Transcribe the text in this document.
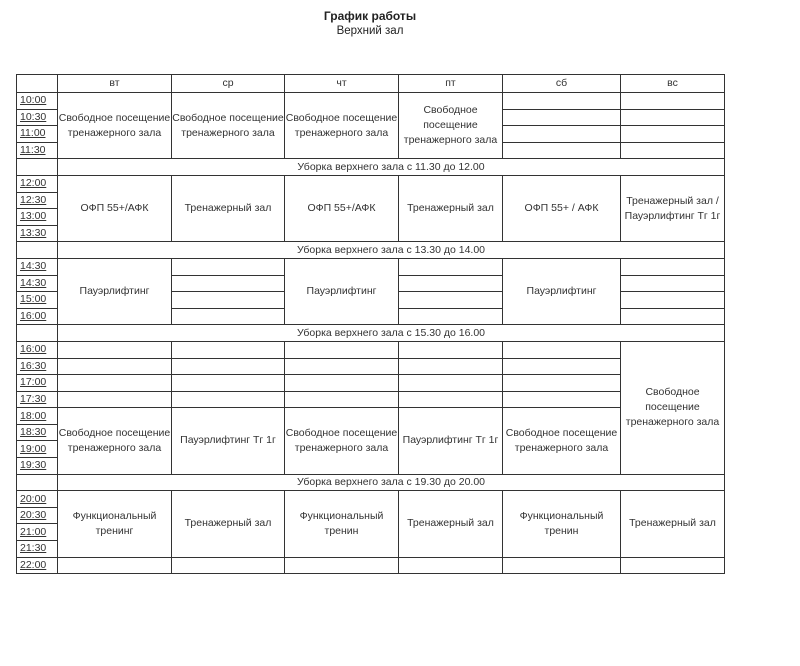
График работы
Верхний зал
	вт	ср	чт	пт	сб	вс
10:00	Свободное посещение тренажерного зала	Свободное посещение тренажерного зала	Свободное посещение тренажерного зала	Свободное посещение тренажерного зала		
10:30						
11:00						
11:30						
	Уборка верхнего зала с 11.30 до 12.00					
12:00	ОФП 55+/АФК	Тренажерный зал	ОФП 55+/АФК	Тренажерный зал	ОФП 55+ / АФК	Тренажерный зал /Пауэрлифтинг Тг 1г
12:30						
13:00						
13:30						
	Уборка верхнего зала с 13.30 до 14.00					
14:30	Пауэрлифтинг		Пауэрлифтинг		Пауэрлифтинг	
14:30						
15:00						
16:00						
	Уборка верхнего зала с 15.30 до 16.00					
16:00						Свободное посещение тренажерного зала
16:30						
17:00						
17:30						
18:00	Свободное посещение тренажерного зала	Пауэрлифтинг Тг 1г	Свободное посещение тренажерного зала	Пауэрлифтинг Тг 1г	Свободное посещение тренажерного зала	
18:30						
19:00						
19:30						
	Уборка верхнего зала с 19.30 до 20.00					
20:00	Функциональный тренинг	Тренажерный зал	Функциональный тренин	Тренажерный зал	Функциональный тренин	Тренажерный зал
20:30						
21:00						
21:30						
22:00						
